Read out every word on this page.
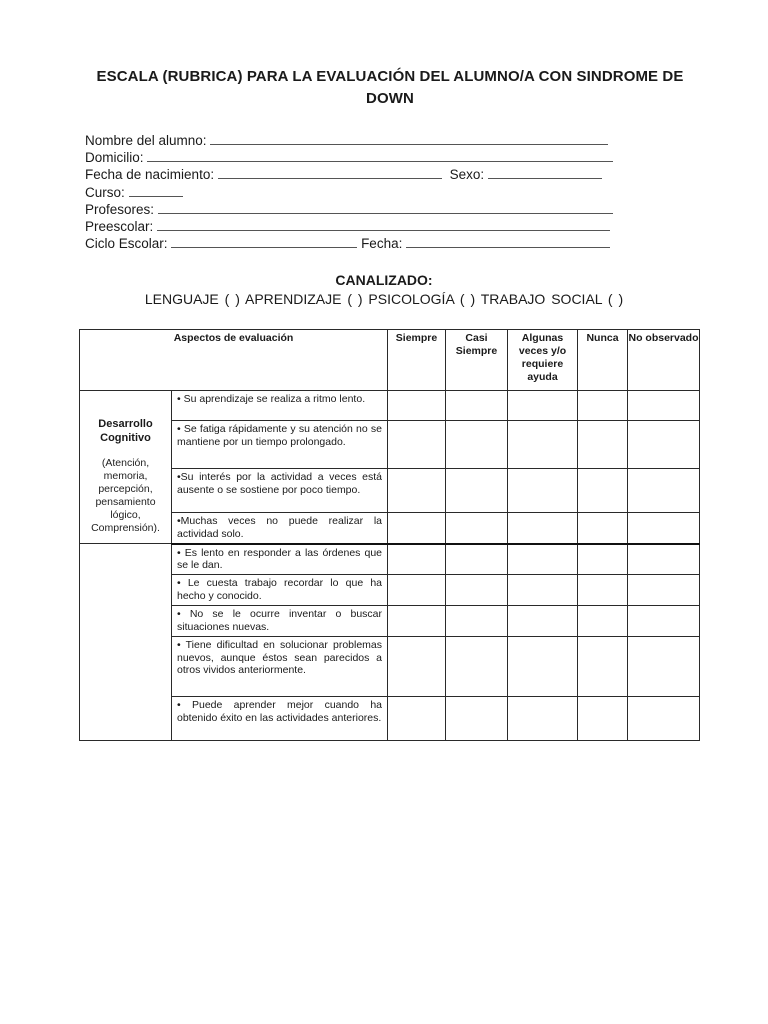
ESCALA (RUBRICA) PARA LA EVALUACIÓN DEL ALUMNO/A CON SINDROME DE
DOWN
Nombre del alumno:
Domicilio:
Fecha de nacimiento:	Sexo:
Curso:
Profesores:
Preescolar:
Ciclo Escolar:	Fecha:
CANALIZADO:
LENGUAJE ( ) APRENDIZAJE ( ) PSICOLOGÍA ( ) TRABAJO SOCIAL ( )
Aspectos de evaluación		Siempre	Casi Siempre	Algunas veces y/o requiere ayuda	Nunca	No observado

Desarrollo Cognitivo
(Atención, memoria, percepción, pensamiento lógico, Comprensión).	• Su aprendizaje se realiza a ritmo lento.					
	• Se fatiga rápidamente y su atención no se mantiene por un tiempo prolongado.					
	•Su interés por la actividad a veces está ausente o se sostiene por poco tiempo.					
	•Muchas veces no puede realizar la actividad solo.					
	• Es lento en responder a las órdenes que se le dan.					
	• Le cuesta trabajo recordar lo que ha hecho y conocido.					
	• No se le ocurre inventar o buscar situaciones nuevas.					
	• Tiene dificultad en solucionar problemas nuevos, aunque éstos sean parecidos a otros vividos anteriormente.					
	• Puede aprender mejor cuando ha obtenido éxito en las actividades anteriores.					
